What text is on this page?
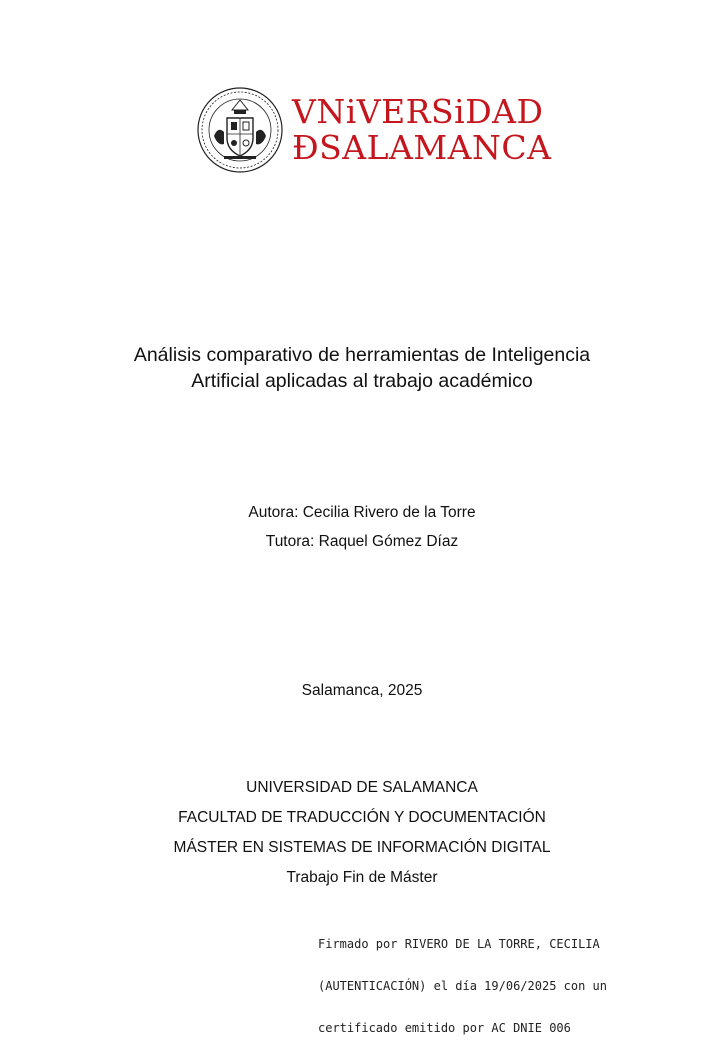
VNiVERSiDAD
ÐSALAMANCA
Análisis comparativo de herramientas de Inteligencia
Artificial aplicadas al trabajo académico
Autora: Cecilia Rivero de la Torre
Tutora: Raquel Gómez Díaz
Salamanca, 2025
UNIVERSIDAD DE SALAMANCA
FACULTAD DE TRADUCCIÓN Y DOCUMENTACIÓN
MÁSTER EN SISTEMAS DE INFORMACIÓN DIGITAL
Trabajo Fin de Máster

Firmado por RIVERO DE LA TORRE, CECILIA

(AUTENTICACIÓN) el día 19/06/2025 con un

certificado emitido por AC DNIE 006
